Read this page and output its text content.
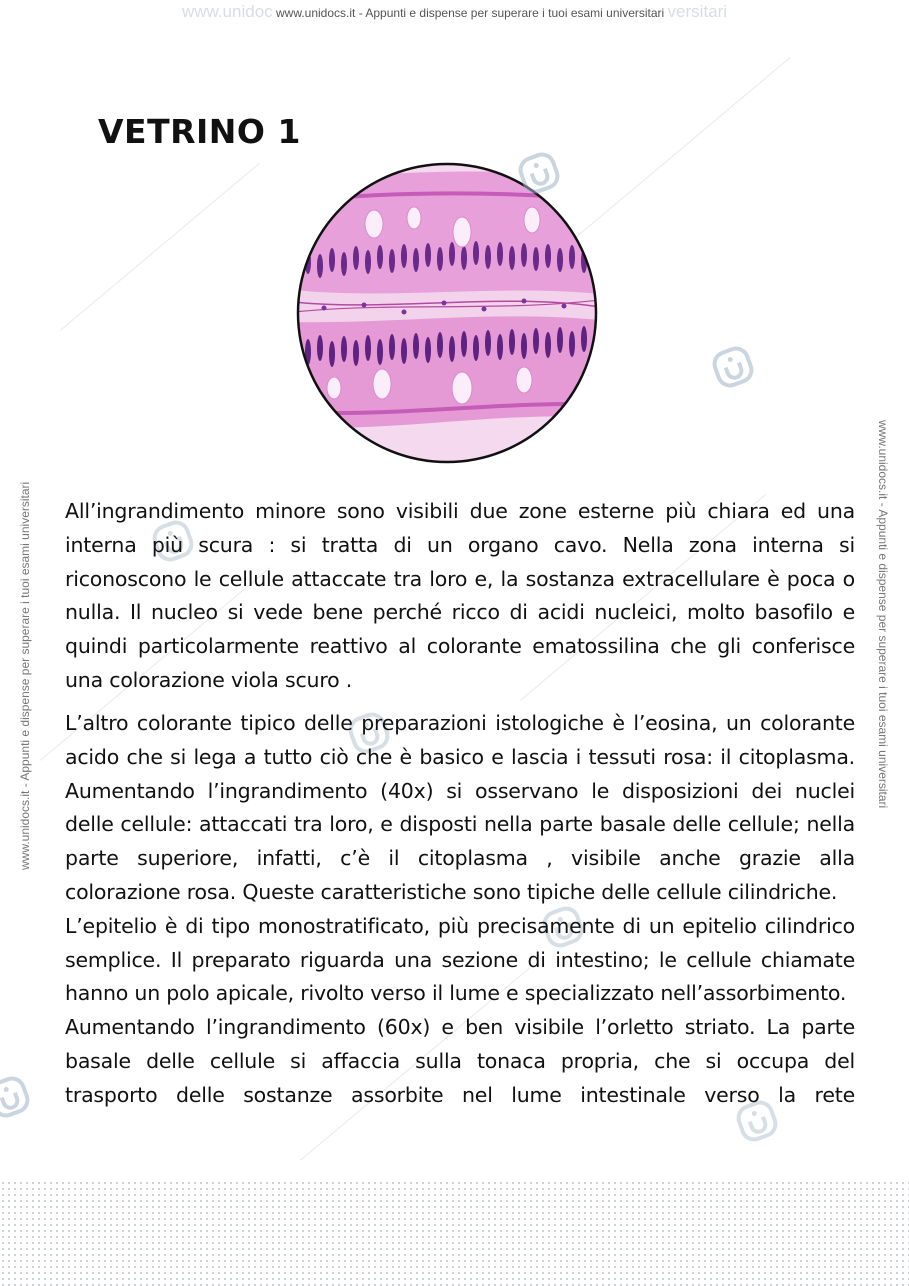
www.unidoc www.unidocs.it - Appunti e dispense per superare i tuoi esami universitari versitari
www.unidocs.it - Appunti e dispense per superare i tuoi esami universitari	www.unidocs.it - Appunti e dispense per superare i tuoi esami universitari
VETRINO 1

All’ingrandimento minore sono visibili due zone esterne più chiara ed una interna più scura : si tratta di un organo cavo. Nella zona interna si riconoscono le cellule attaccate tra loro e, la sostanza extracellulare è poca o nulla. Il nucleo si vede bene perché ricco di acidi nucleici, molto basofilo e quindi particolarmente reattivo al colorante ematossilina che gli conferisce una colorazione viola scuro .

L’altro colorante tipico delle preparazioni istologiche è l’eosina, un colorante acido che si lega a tutto ciò che è basico e lascia i tessuti rosa: il citoplasma. Aumentando l’ingrandimento (40x) si osservano le disposizioni dei nuclei delle cellule: attaccati tra loro, e disposti nella parte basale delle cellule; nella parte superiore, infatti, c’è il citoplasma , visibile anche grazie alla colorazione rosa. Queste caratteristiche sono tipiche delle cellule cilindriche.

L’epitelio è di tipo monostratificato, più precisamente di un epitelio cilindrico semplice. Il preparato riguarda una sezione di intestino; le cellule chiamate hanno un polo apicale, rivolto verso il lume e specializzato nell’assorbimento.

Aumentando l’ingrandimento (60x) e ben visibile l’orletto striato. La parte basale delle cellule si affaccia sulla tonaca propria, che si occupa del trasporto delle sostanze assorbite nel lume intestinale verso la rete
